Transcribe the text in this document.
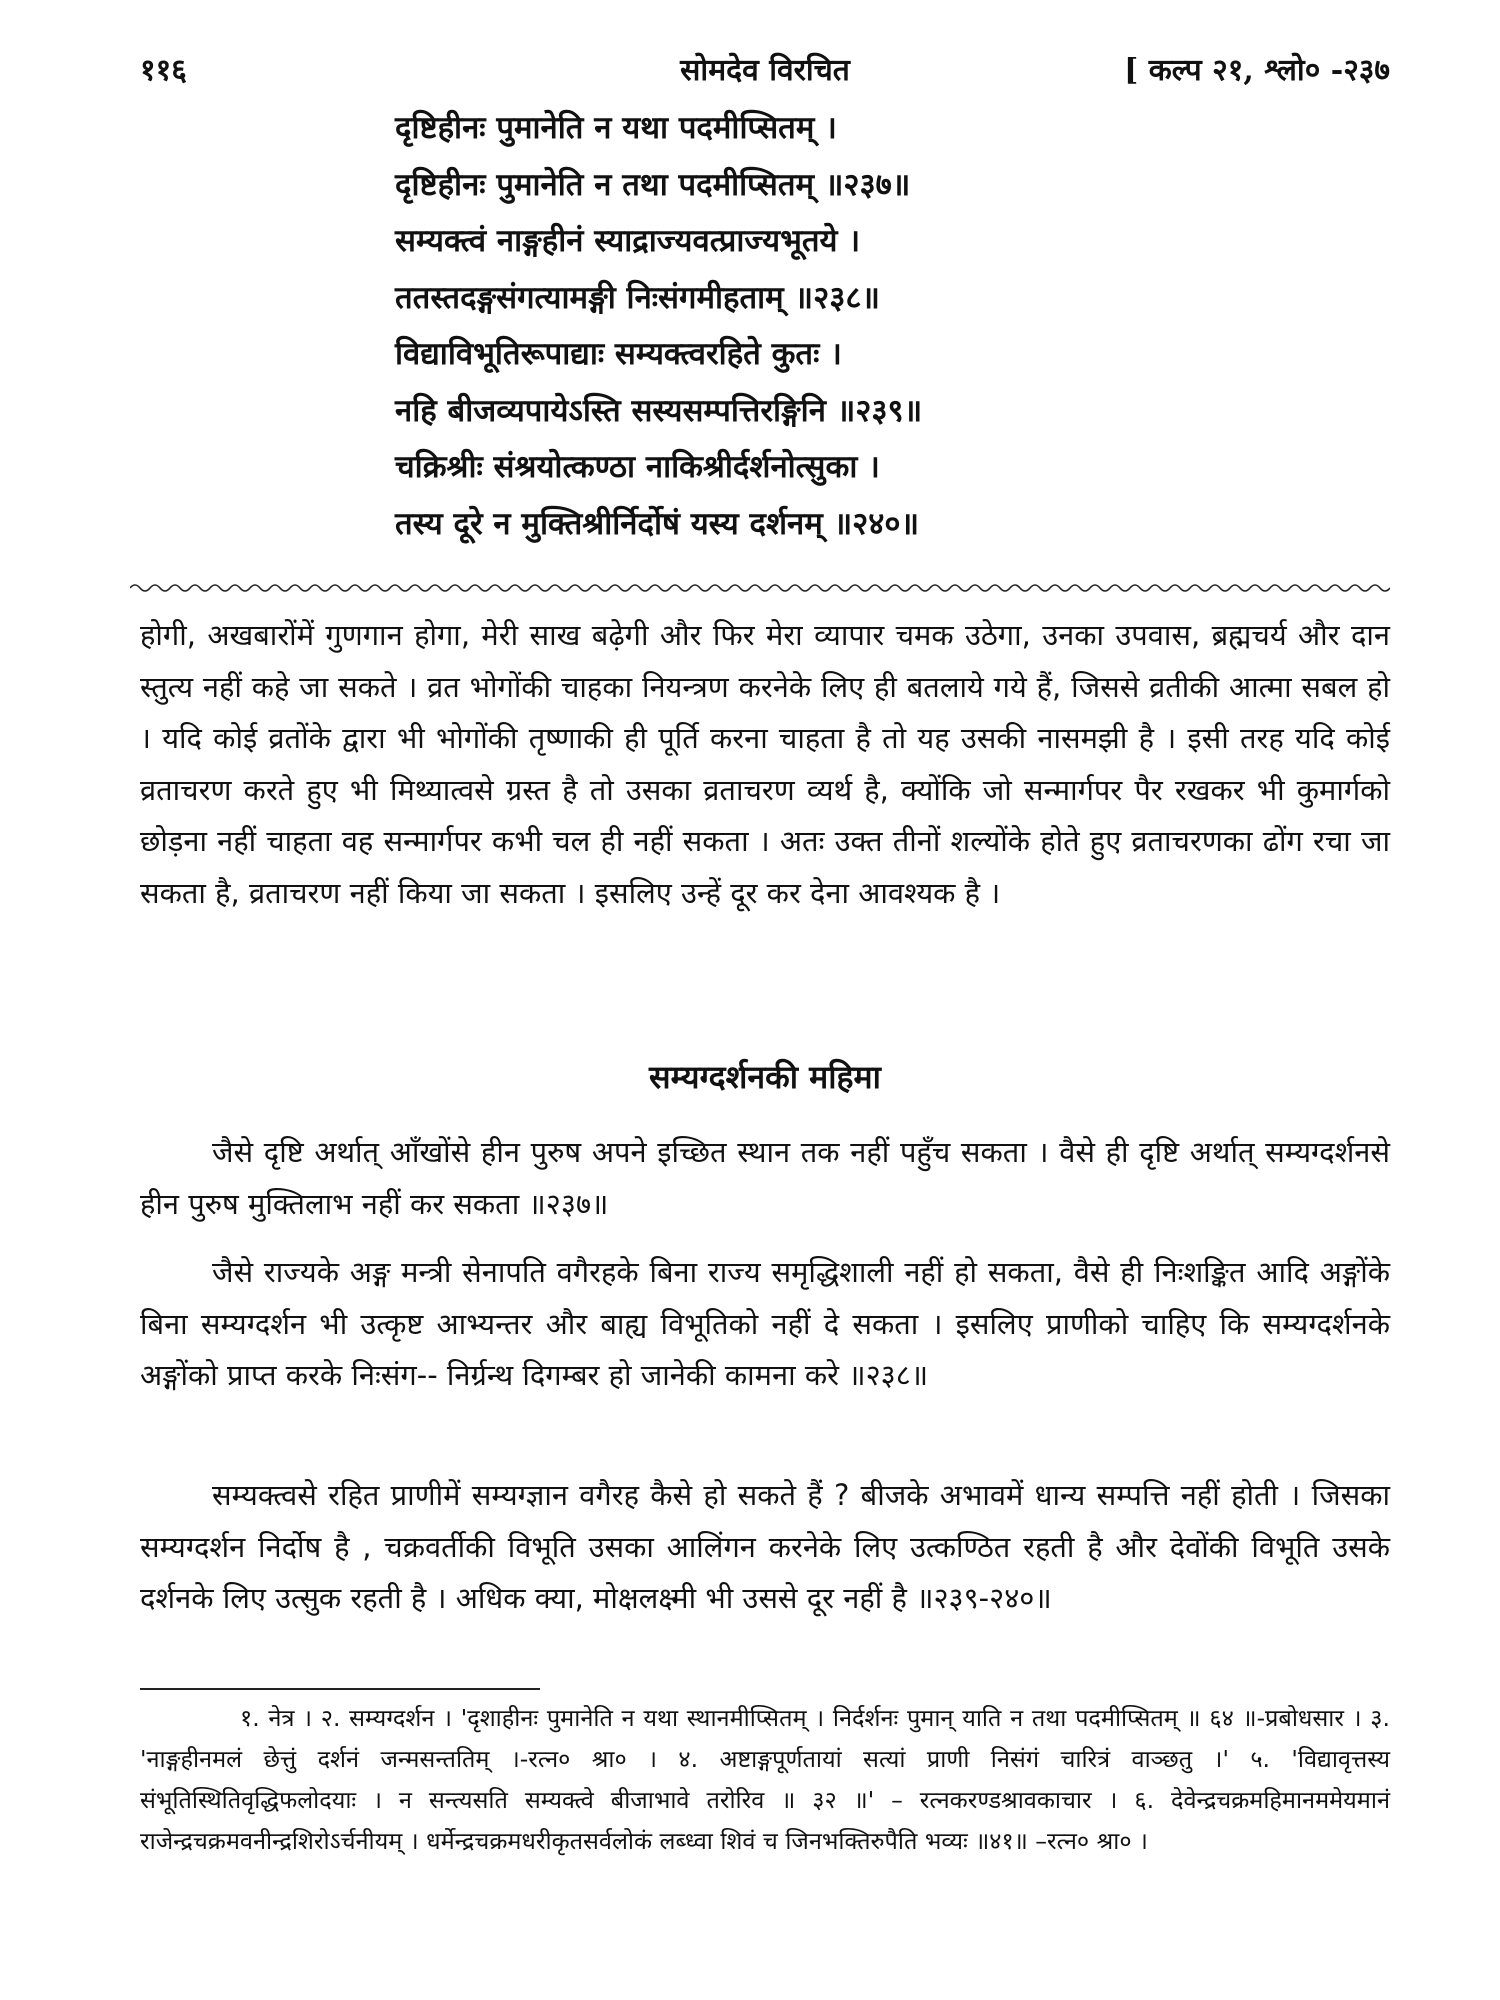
११६	सोमदेव विरचित	[ कल्प २१, श्लो० -२३७
दृष्टिहीनः पुमानेति न यथा पदमीप्सितम् ।
दृष्टिहीनः पुमानेति न तथा पदमीप्सितम् ॥२३७॥
सम्यक्त्वं नाङ्गहीनं स्याद्राज्यवत्प्राज्यभूतये ।
ततस्तदङ्गसंगत्यामङ्गी निःसंगमीहताम् ॥२३८॥
विद्याविभूतिरूपाद्याः सम्यक्त्वरहिते कुतः ।
नहि बीजव्यपायेऽस्ति सस्यसम्पत्तिरङ्गिनि ॥२३९॥
चक्रिश्रीः संश्रयोत्कण्ठा नाकिश्रीर्दर्शनोत्सुका ।
तस्य दूरे न मुक्तिश्रीर्निर्दोषं यस्य दर्शनम् ॥२४०॥
होगी, अखबारोंमें गुणगान होगा, मेरी साख बढ़ेगी और फिर मेरा व्यापार चमक उठेगा, उनका उपवास, ब्रह्मचर्य और दान स्तुत्य नहीं कहे जा सकते । व्रत भोगोंकी चाहका नियन्त्रण करनेके लिए ही बतलाये गये हैं, जिससे व्रतीकी आत्मा सबल हो । यदि कोई व्रतोंके द्वारा भी भोगोंकी तृष्णाकी ही पूर्ति करना चाहता है तो यह उसकी नासमझी है । इसी तरह यदि कोई व्रताचरण करते हुए भी मिथ्यात्वसे ग्रस्त है तो उसका व्रताचरण व्यर्थ है, क्योंकि जो सन्मार्गपर पैर रखकर भी कुमार्गको छोड़ना नहीं चाहता वह सन्मार्गपर कभी चल ही नहीं सकता । अतः उक्त तीनों शल्योंके होते हुए व्रताचरणका ढोंग रचा जा सकता है, व्रताचरण नहीं किया जा सकता । इसलिए उन्हें दूर कर देना आवश्यक है ।
सम्यग्दर्शनकी महिमा
जैसे दृष्टि अर्थात् आँखोंसे हीन पुरुष अपने इच्छित स्थान तक नहीं पहुँच सकता । वैसे ही दृष्टि अर्थात् सम्यग्दर्शनसे हीन पुरुष मुक्तिलाभ नहीं कर सकता ॥२३७॥
जैसे राज्यके अङ्ग मन्त्री सेनापति वगैरहके बिना राज्य समृद्धिशाली नहीं हो सकता, वैसे ही निःशङ्कित आदि अङ्गोंके बिना सम्यग्दर्शन भी उत्कृष्ट आभ्यन्तर और बाह्य विभूतिको नहीं दे सकता । इसलिए प्राणीको चाहिए कि सम्यग्दर्शनके अङ्गोंको प्राप्त करके निःसंग-- निर्ग्रन्थ दिगम्बर हो जानेकी कामना करे ॥२३८॥
सम्यक्त्वसे रहित प्राणीमें सम्यग्ज्ञान वगैरह कैसे हो सकते हैं ? बीजके अभावमें धान्य सम्पत्ति नहीं होती । जिसका सम्यग्दर्शन निर्दोष है , चक्रवर्तीकी विभूति उसका आलिंगन करनेके लिए उत्कण्ठित रहती है और देवोंकी विभूति उसके दर्शनके लिए उत्सुक रहती है । अधिक क्या, मोक्षलक्ष्मी भी उससे दूर नहीं है ॥२३९-२४०॥
१. नेत्र । २. सम्यग्दर्शन । 'दृशाहीनः पुमानेति न यथा स्थानमीप्सितम् । निर्दर्शनः पुमान् याति न तथा पदमीप्सितम् ॥ ६४ ॥-प्रबोधसार । ३. 'नाङ्गहीनमलं छेत्तुं दर्शनं जन्मसन्ततिम् ।-रत्न० श्रा० । ४. अष्टाङ्गपूर्णतायां सत्यां प्राणी निसंगं चारित्रं वाञ्छतु ।' ५. 'विद्यावृत्तस्य संभूतिस्थितिवृद्धिफलोदयाः । न सन्त्यसति सम्यक्त्वे बीजाभावे तरोरिव ॥ ३२ ॥' – रत्नकरण्डश्रावकाचार । ६. देवेन्द्रचक्रमहिमानममेयमानं राजेन्द्रचक्रमवनीन्द्रशिरोऽर्चनीयम् । धर्मेन्द्रचक्रमधरीकृतसर्वलोकं लब्ध्वा शिवं च जिनभक्तिरुपैति भव्यः ॥४१॥ –रत्न० श्रा० ।
